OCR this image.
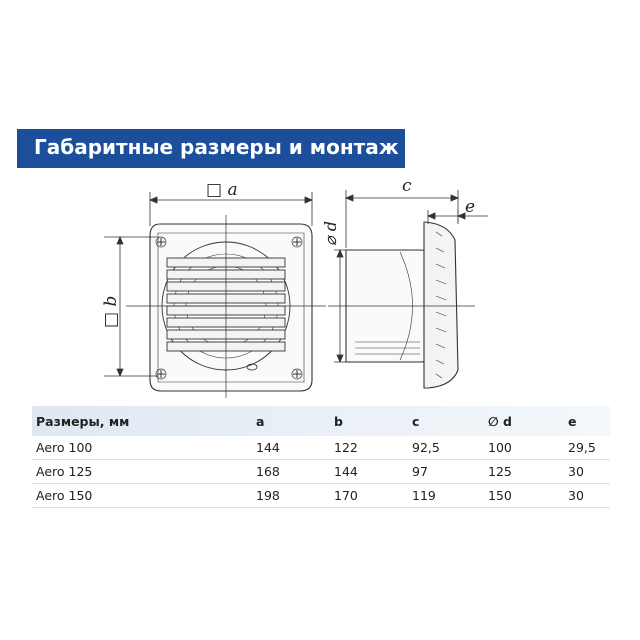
Габаритные размеры и монтаж
□ a
□ b
c
e
⌀ d
Размеры, мм	a	b	c	∅ d	e
Aero 100	144	122	92,5	100	29,5
Aero 125	168	144	97	125	30
Aero 150	198	170	119	150	30
